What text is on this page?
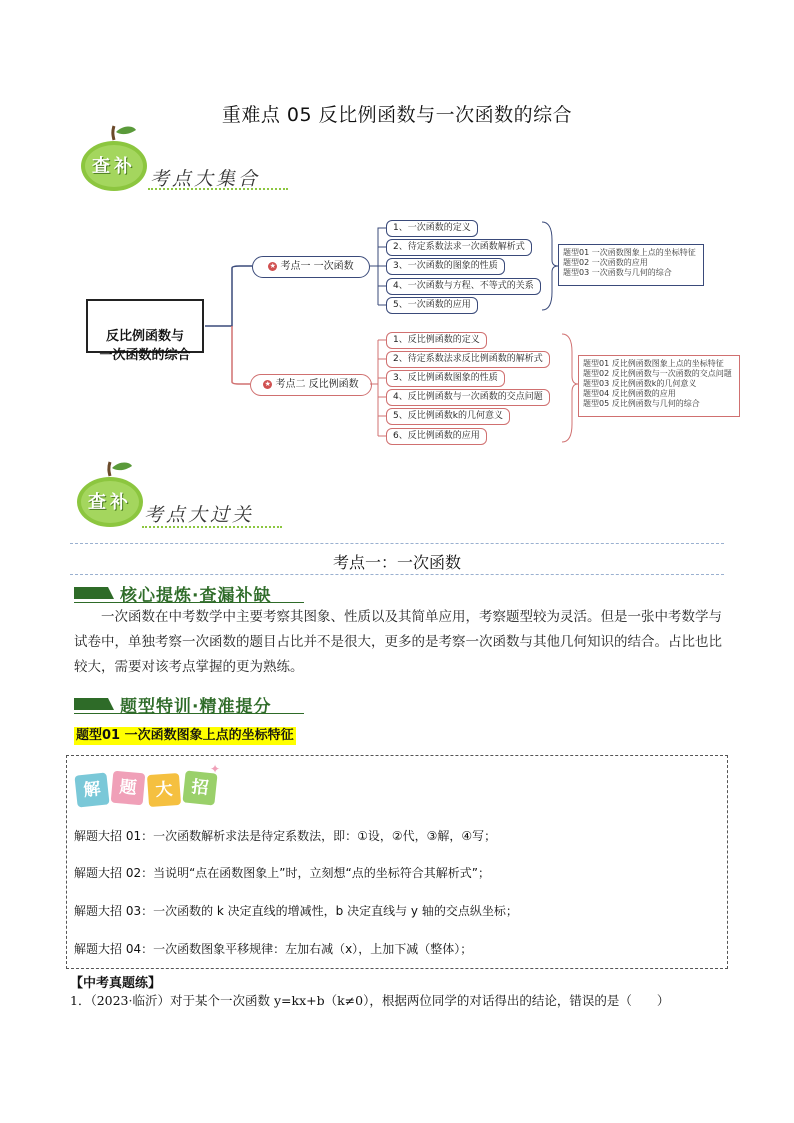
重难点 05 反比例函数与一次函数的综合
查补
考点大集合

反比例函数与
一次函数的综合

★ 考点一 一次函数
1、一次函数的定义
2、待定系数法求一次函数解析式
3、一次函数的图象的性质
4、一次函数与方程、不等式的关系
5、一次函数的应用
题型01 一次函数图象上点的坐标特征
题型02 一次函数的应用
题型03 一次函数与几何的综合
★ 考点二 反比例函数
1、反比例函数的定义
2、待定系数法求反比例函数的解析式
3、反比例函数图象的性质
4、反比例函数与一次函数的交点问题
5、反比例函数k的几何意义
6、反比例函数的应用
题型01 反比例函数图象上点的坐标特征
题型02 反比例函数与一次函数的交点问题
题型03 反比例函数k的几何意义
题型04 反比例函数的应用
题型05 反比例函数与几何的综合
查补
考点大过关
考点一：一次函数
核心提炼·查漏补缺
一次函数在中考数学中主要考察其图象、性质以及其简单应用，考察题型较为灵活。但是一张中考数学与试卷中，单独考察一次函数的题目占比并不是很大，更多的是考察一次函数与其他几何知识的结合。占比也比较大，需要对该考点掌握的更为熟练。
题型特训·精准提分
题型01 一次函数图象上点的坐标特征
解	题	大	招
✦
解题大招 01：一次函数解析求法是待定系数法，即：①设，②代，③解，④写；
解题大招 02：当说明“点在函数图象上”时，立刻想“点的坐标符合其解析式”；
解题大招 03：一次函数的 k 决定直线的增减性，b 决定直线与 y 轴的交点纵坐标；
解题大招 04：一次函数图象平移规律：左加右减（x），上加下减（整体）；
【中考真题练】
1．（2023·临沂）对于某个一次函数 y=kx+b（k≠0），根据两位同学的对话得出的结论，错误的是（　　）
